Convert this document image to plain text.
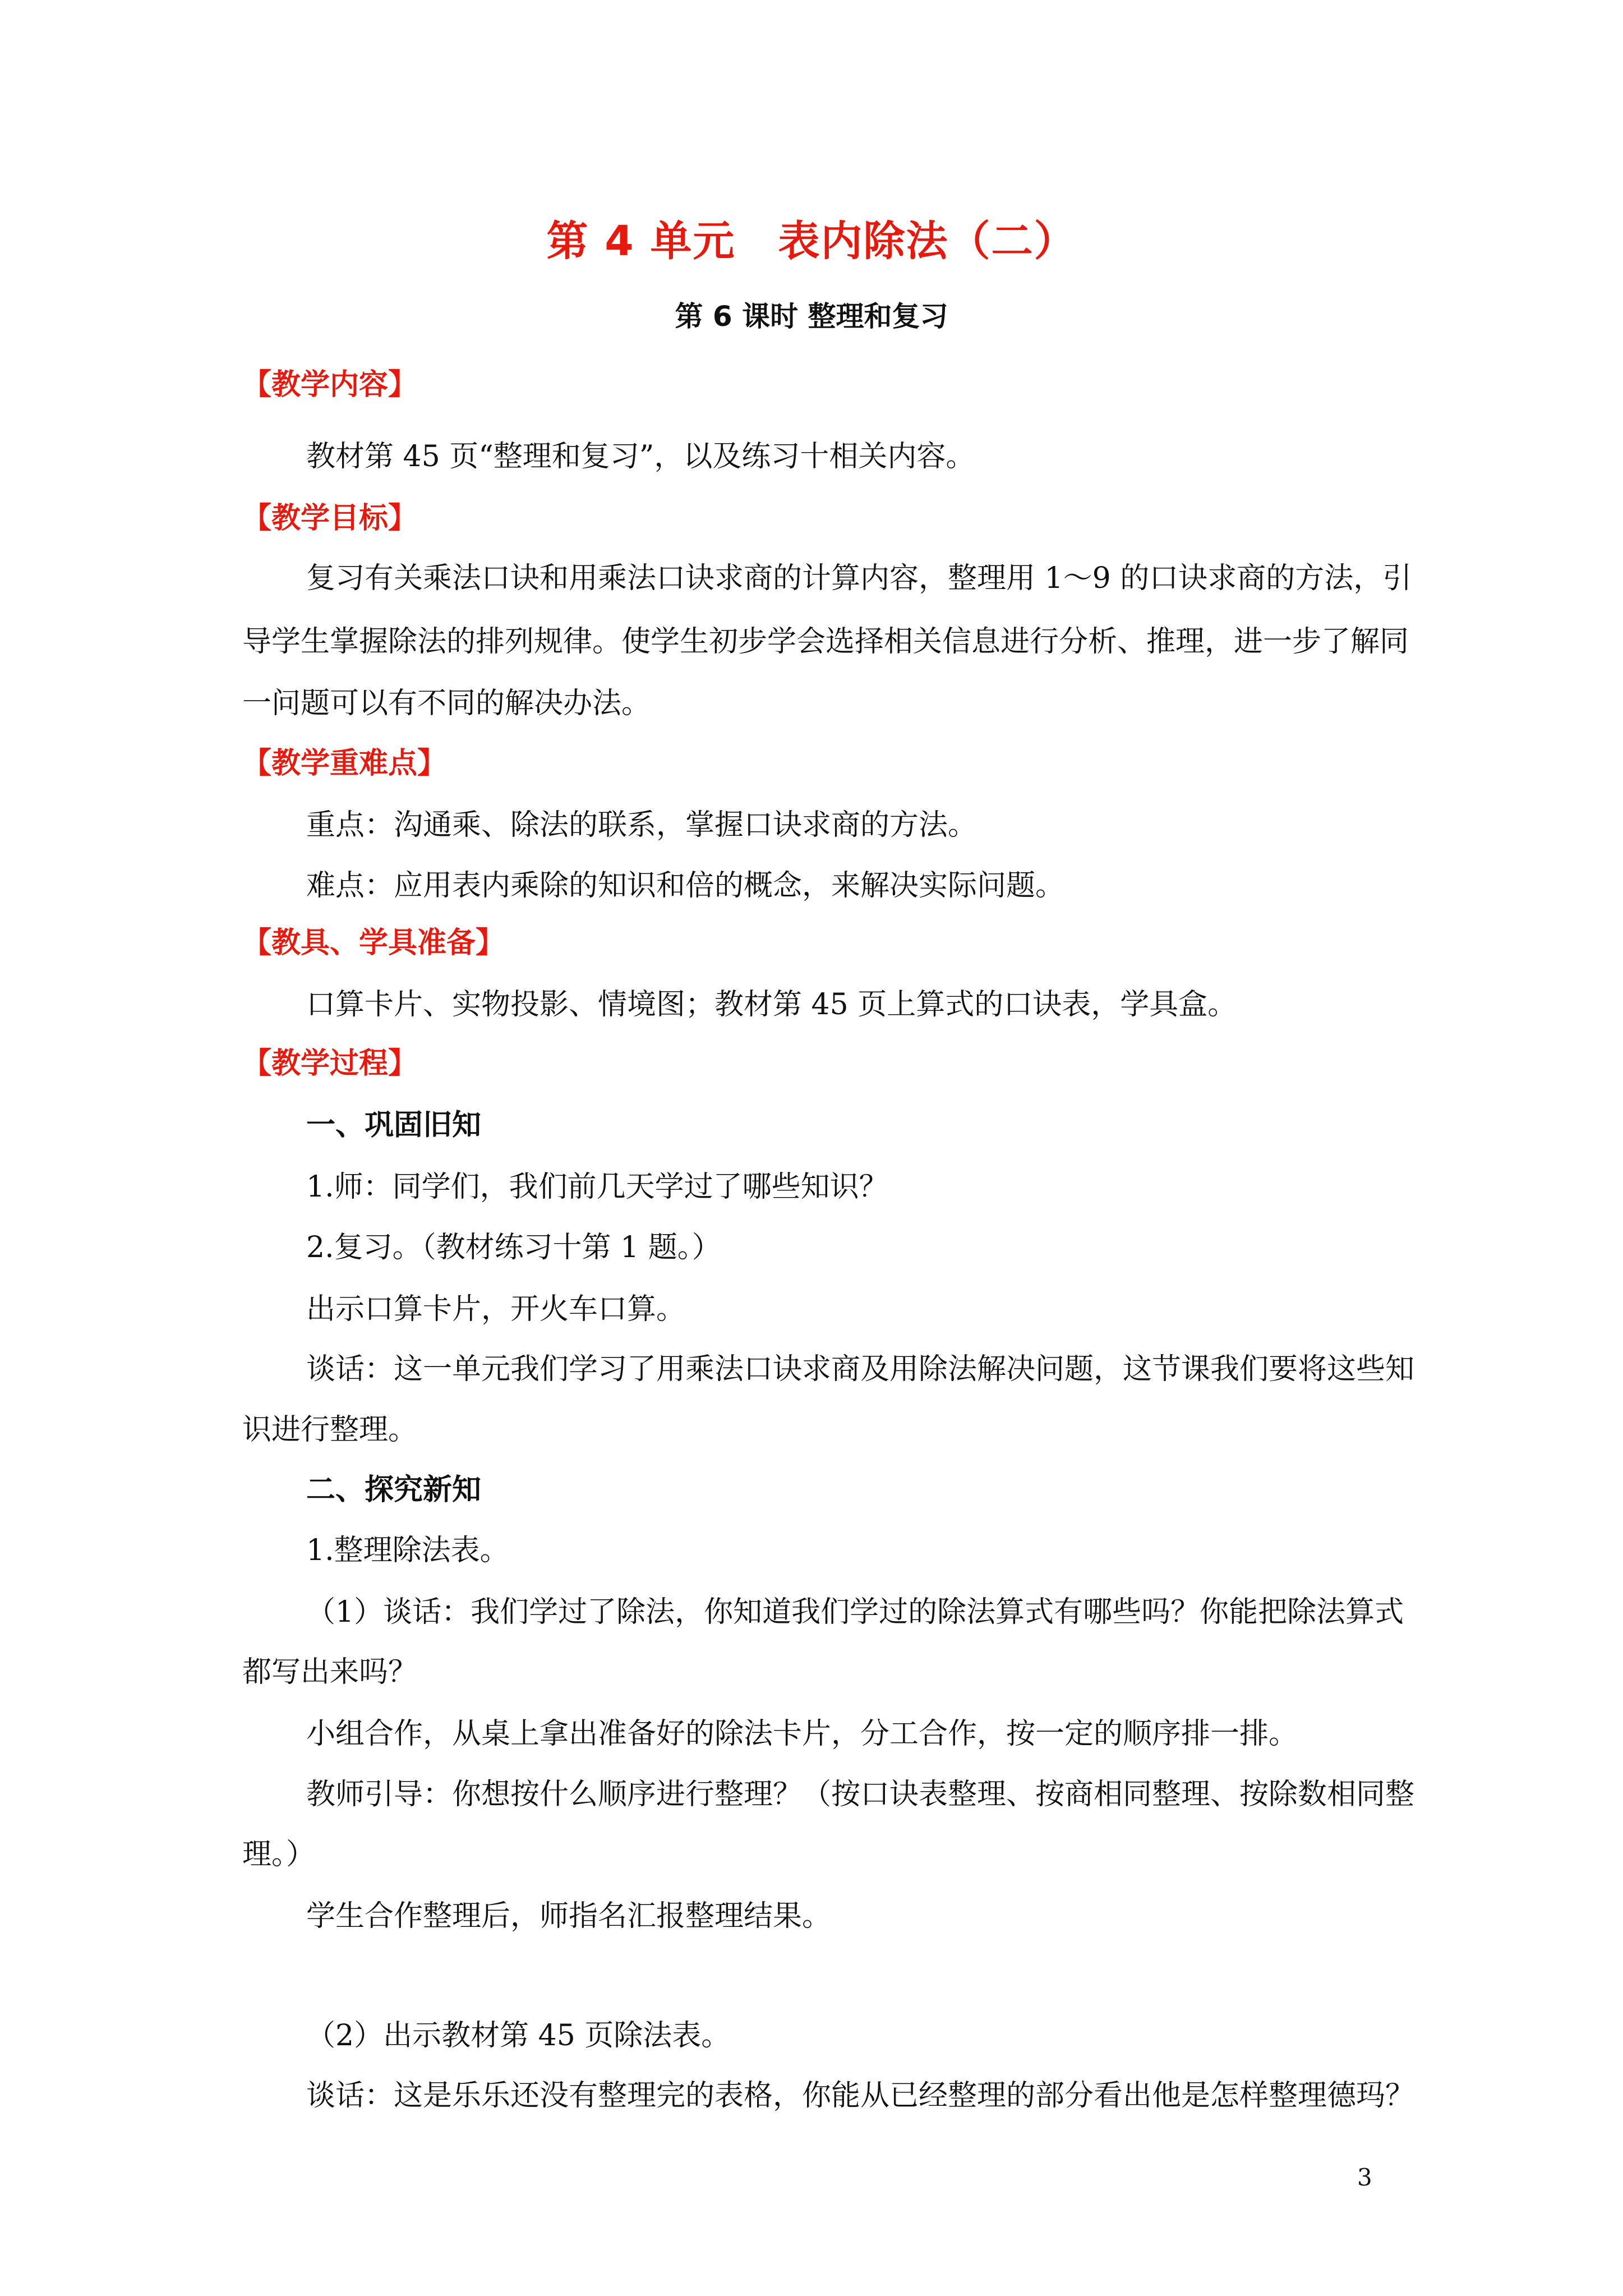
第 4 单元　表内除法（二）
第 6 课时 整理和复习
【教学内容】

教材第 45 页“整理和复习”，以及练习十相关内容。

【教学目标】

复习有关乘法口诀和用乘法口诀求商的计算内容，整理用 1～9 的口诀求商的方法，引

导学生掌握除法的排列规律。使学生初步学会选择相关信息进行分析、推理，进一步了解同

一问题可以有不同的解决办法。

【教学重难点】

重点：沟通乘、除法的联系，掌握口诀求商的方法。

难点：应用表内乘除的知识和倍的概念，来解决实际问题。

【教具、学具准备】

口算卡片、实物投影、情境图；教材第 45 页上算式的口诀表，学具盒。

【教学过程】
一、巩固旧知

1.师：同学们，我们前几天学过了哪些知识？

2.复习。（教材练习十第 1 题。）

出示口算卡片，开火车口算。

谈话：这一单元我们学习了用乘法口诀求商及用除法解决问题，这节课我们要将这些知

识进行整理。

二、探究新知

1.整理除法表。

（1）谈话：我们学过了除法，你知道我们学过的除法算式有哪些吗？你能把除法算式

都写出来吗？

小组合作，从桌上拿出准备好的除法卡片，分工合作，按一定的顺序排一排。

教师引导：你想按什么顺序进行整理？（按口诀表整理、按商相同整理、按除数相同整

理。）

学生合作整理后，师指名汇报整理结果。

（2）出示教材第 45 页除法表。

谈话：这是乐乐还没有整理完的表格，你能从已经整理的部分看出他是怎样整理德玛？

3
